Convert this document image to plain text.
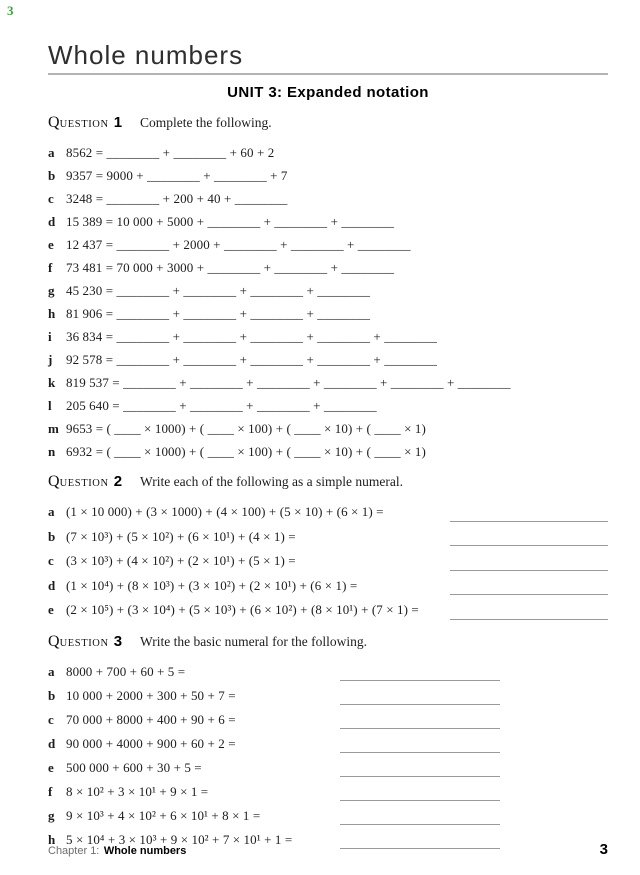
3
Whole numbers
UNIT 3: Expanded notation
QUESTION 1 Complete the following.
a 8562 = ________ + ________ + 60 + 2
b 9357 = 9000 + ________ + ________ + 7
c 3248 = ________ + 200 + 40 + ________
d 15 389 = 10 000 + 5000 + ________ + ________ + ________
e 12 437 = ________ + 2000 + ________ + ________ + ________
f 73 481 = 70 000 + 3000 + ________ + ________ + ________
g 45 230 = ________ + ________ + ________ + ________
h 81 906 = ________ + ________ + ________ + ________
i 36 834 = ________ + ________ + ________ + ________ + ________
j 92 578 = ________ + ________ + ________ + ________ + ________
k 819 537 = ________ + ________ + ________ + ________ + ________ + ________
l 205 640 = ________ + ________ + ________ + ________
m 9653 = ( ____ × 1000) + ( ____ × 100) + ( ____ × 10) + ( ____ × 1)
n 6932 = ( ____ × 1000) + ( ____ × 100) + ( ____ × 10) + ( ____ × 1)
QUESTION 2 Write each of the following as a simple numeral.
a (1 × 10 000) + (3 × 1000) + (4 × 100) + (5 × 10) + (6 × 1) =
b (7 × 10³) + (5 × 10²) + (6 × 10¹) + (4 × 1) =
c (3 × 10³) + (4 × 10²) + (2 × 10¹) + (5 × 1) =
d (1 × 10⁴) + (8 × 10³) + (3 × 10²) + (2 × 10¹) + (6 × 1) =
e (2 × 10⁵) + (3 × 10⁴) + (5 × 10³) + (6 × 10²) + (8 × 10¹) + (7 × 1) =
QUESTION 3 Write the basic numeral for the following.
a 8000 + 700 + 60 + 5 =
b 10 000 + 2000 + 300 + 50 + 7 =
c 70 000 + 8000 + 400 + 90 + 6 =
d 90 000 + 4000 + 900 + 60 + 2 =
e 500 000 + 600 + 30 + 5 =
f 8 × 10² + 3 × 10¹ + 9 × 1 =
g 9 × 10³ + 4 × 10² + 6 × 10¹ + 8 × 1 =
h 5 × 10⁴ + 3 × 10³ + 9 × 10² + 7 × 10¹ + 1 =
Chapter 1: Whole numbers	3
